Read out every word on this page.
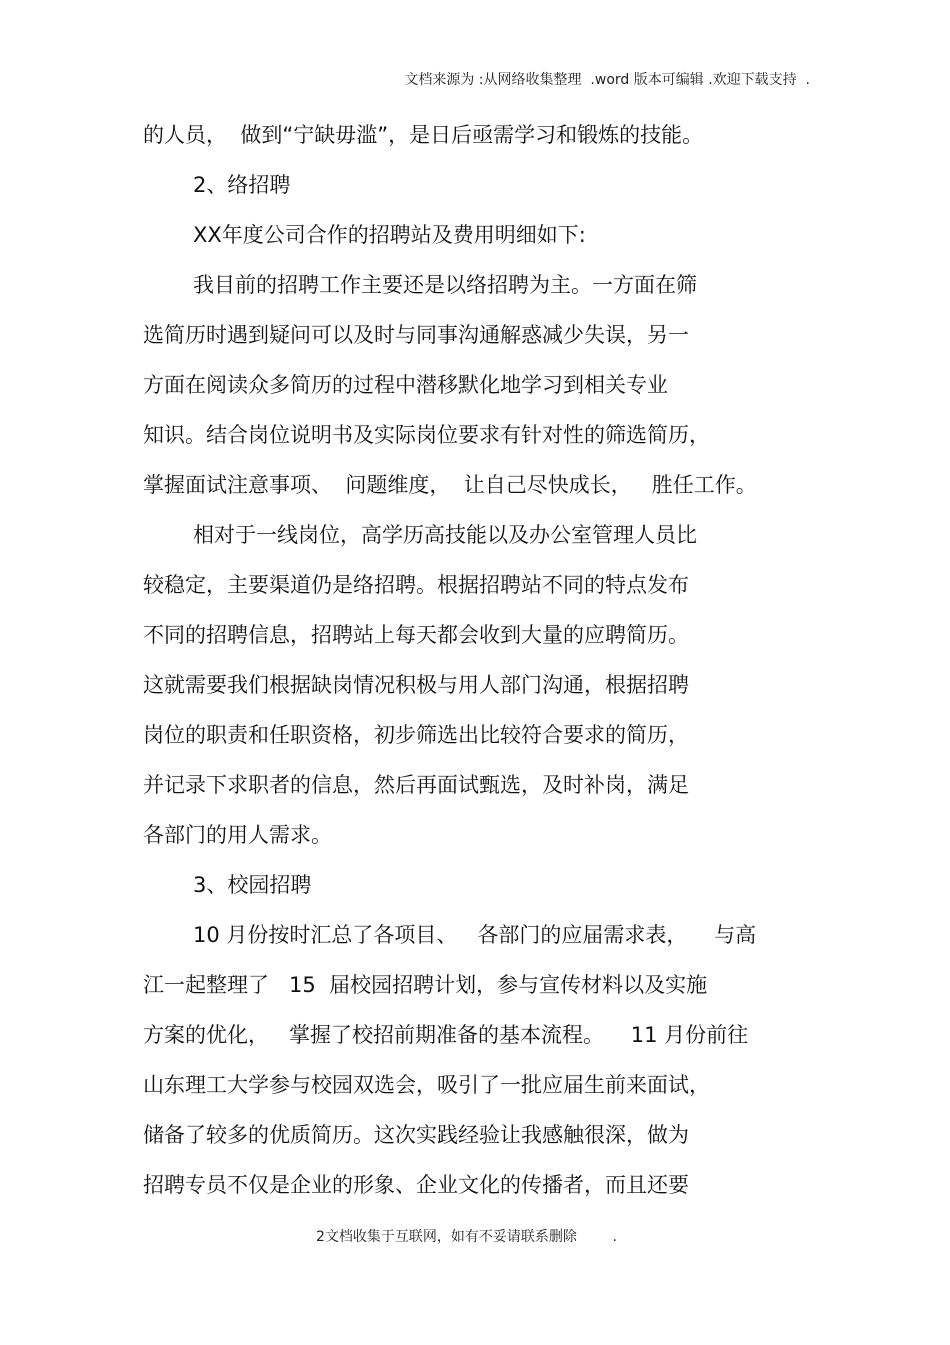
文档来源为 :从网络收集整理  .word 版本可编辑 .欢迎下载支持  .
的人员，  做到“宁缺毋滥”，是日后亟需学习和锻炼的技能。
2、络招聘
XX年度公司合作的招聘站及费用明细如下:
我目前的招聘工作主要还是以络招聘为主。一方面在筛
选简历时遇到疑问可以及时与同事沟通解惑减少失误，另一
方面在阅读众多简历的过程中潜移默化地学习到相关专业
知识。结合岗位说明书及实际岗位要求有针对性的筛选简历，
掌握面试注意事项、  问题维度，  让自己尽快成长，   胜任工作。
相对于一线岗位，高学历高技能以及办公室管理人员比
较稳定，主要渠道仍是络招聘。根据招聘站不同的特点发布
不同的招聘信息，招聘站上每天都会收到大量的应聘简历。
这就需要我们根据缺岗情况积极与用人部门沟通，根据招聘
岗位的职责和任职资格，初步筛选出比较符合要求的简历，
并记录下求职者的信息，然后再面试甄选，及时补岗，满足
各部门的用人需求。
3、校园招聘
10 月份按时汇总了各项目、   各部门的应届需求表，    与高
江一起整理了   15  届校园招聘计划，参与宣传材料以及实施
方案的优化，   掌握了校招前期准备的基本流程。    11 月份前往
山东理工大学参与校园双选会，吸引了一批应届生前来面试，
储备了较多的优质简历。这次实践经验让我感触很深，做为
招聘专员不仅是企业的形象、企业文化的传播者，而且还要
2文档收集于互联网，如有不妥请联系删除        .
